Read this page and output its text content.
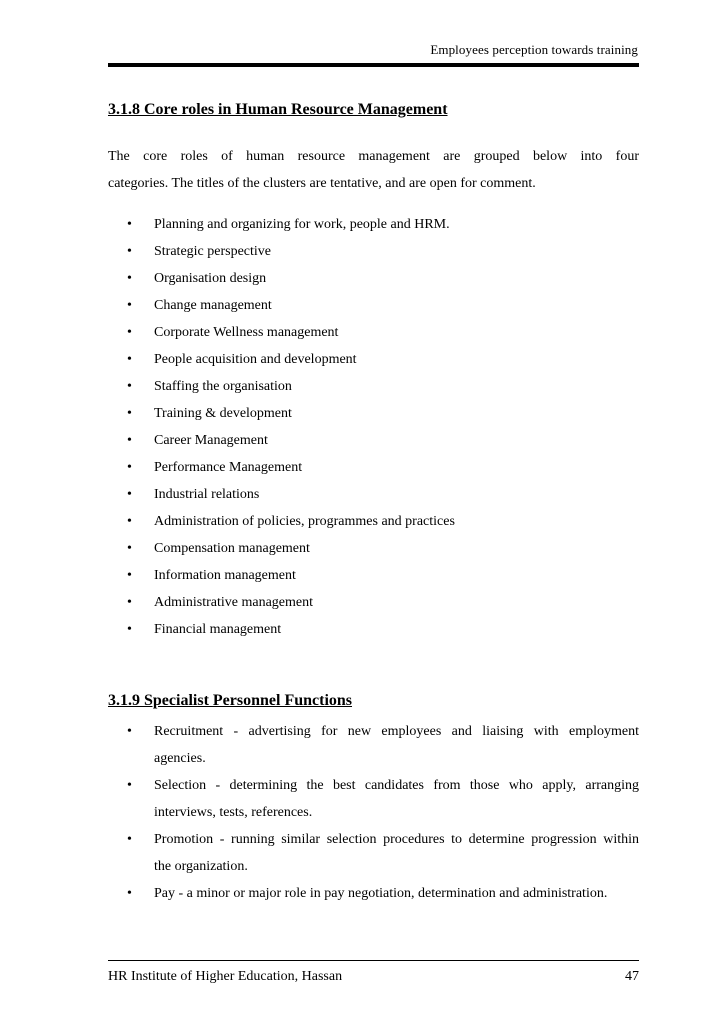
Employees perception towards training
3.1.8 Core roles in Human Resource Management

The core roles of human resource management are grouped below into four
categories. The titles of the clusters are tentative, and are open for comment.

• Planning and organizing for work, people and HRM.
• Strategic perspective
• Organisation design
• Change management
• Corporate Wellness management
• People acquisition and development
• Staffing the organisation
• Training & development
• Career Management
• Performance Management
• Industrial relations
• Administration of policies, programmes and practices
• Compensation management
• Information management
• Administrative management
• Financial management
3.1.9 Specialist Personnel Functions
• Recruitment - advertising for new employees and liaising with employment
agencies.
• Selection - determining the best candidates from those who apply, arranging
interviews, tests, references.
• Promotion - running similar selection procedures to determine progression within
the organization.
• Pay - a minor or major role in pay negotiation, determination and administration.
HR Institute of Higher Education, Hassan	47
